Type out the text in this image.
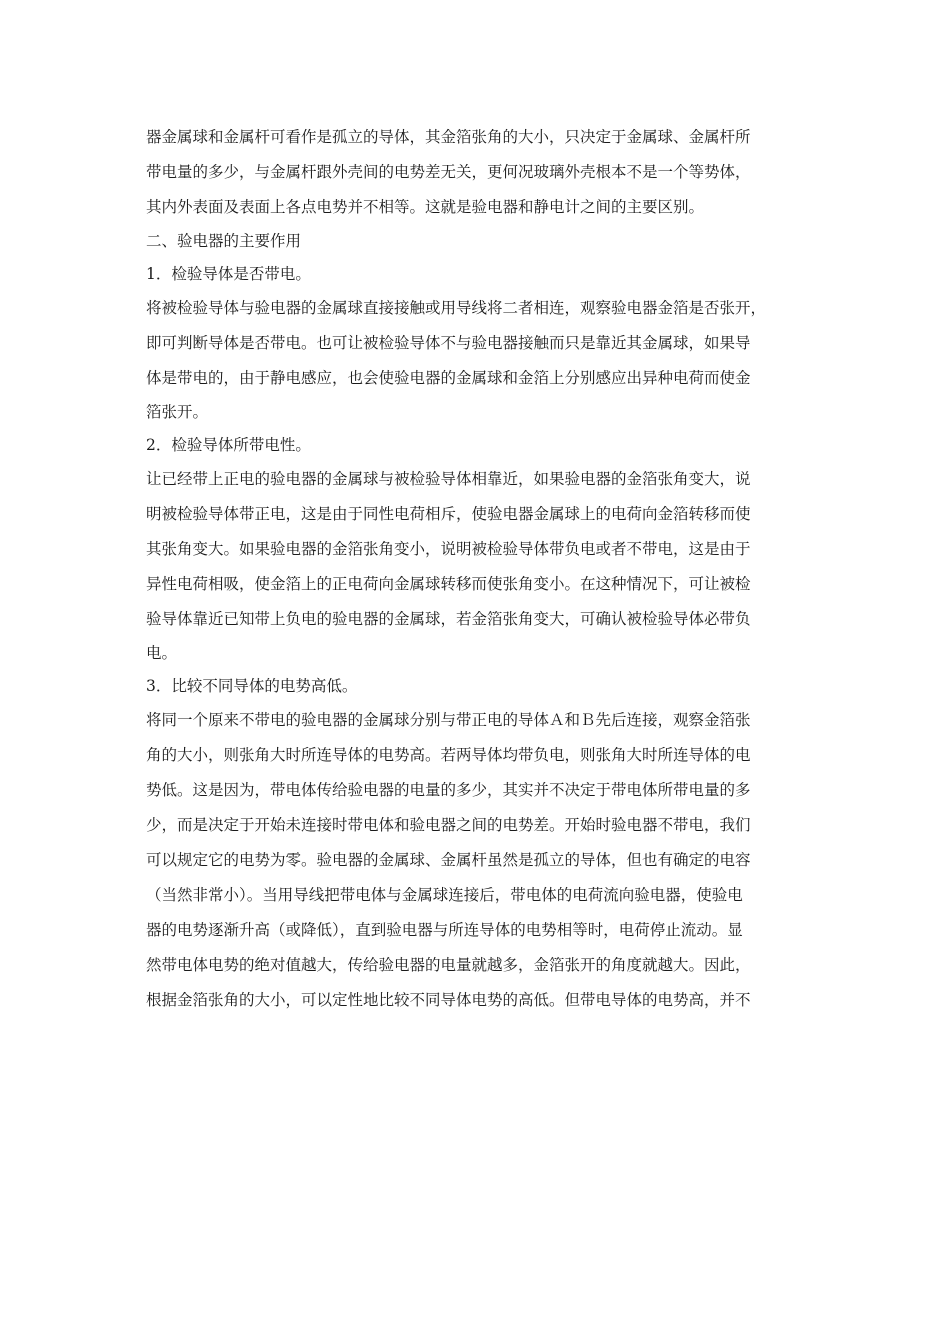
器金属球和金属杆可看作是孤立的导体，其金箔张角的大小，只决定于金属球、金属杆所
带电量的多少，与金属杆跟外壳间的电势差无关，更何况玻璃外壳根本不是一个等势体，
其内外表面及表面上各点电势并不相等。这就是验电器和静电计之间的主要区别。
二、验电器的主要作用
1．检验导体是否带电。
将被检验导体与验电器的金属球直接接触或用导线将二者相连，观察验电器金箔是否张开，
即可判断导体是否带电。也可让被检验导体不与验电器接触而只是靠近其金属球，如果导
体是带电的，由于静电感应，也会使验电器的金属球和金箔上分别感应出异种电荷而使金
箔张开。
2．检验导体所带电性。
让已经带上正电的验电器的金属球与被检验导体相靠近，如果验电器的金箔张角变大，说
明被检验导体带正电，这是由于同性电荷相斥，使验电器金属球上的电荷向金箔转移而使
其张角变大。如果验电器的金箔张角变小，说明被检验导体带负电或者不带电，这是由于
异性电荷相吸，使金箔上的正电荷向金属球转移而使张角变小。在这种情况下，可让被检
验导体靠近已知带上负电的验电器的金属球，若金箔张角变大，可确认被检验导体必带负
电。
3．比较不同导体的电势高低。
将同一个原来不带电的验电器的金属球分别与带正电的导体Ａ和Ｂ先后连接，观察金箔张
角的大小，则张角大时所连导体的电势高。若两导体均带负电，则张角大时所连导体的电
势低。这是因为，带电体传给验电器的电量的多少，其实并不决定于带电体所带电量的多
少，而是决定于开始未连接时带电体和验电器之间的电势差。开始时验电器不带电，我们
可以规定它的电势为零。验电器的金属球、金属杆虽然是孤立的导体，但也有确定的电容
（当然非常小）。当用导线把带电体与金属球连接后，带电体的电荷流向验电器，使验电
器的电势逐渐升高（或降低），直到验电器与所连导体的电势相等时，电荷停止流动。显
然带电体电势的绝对值越大，传给验电器的电量就越多，金箔张开的角度就越大。因此，
根据金箔张角的大小，可以定性地比较不同导体电势的高低。但带电导体的电势高，并不
